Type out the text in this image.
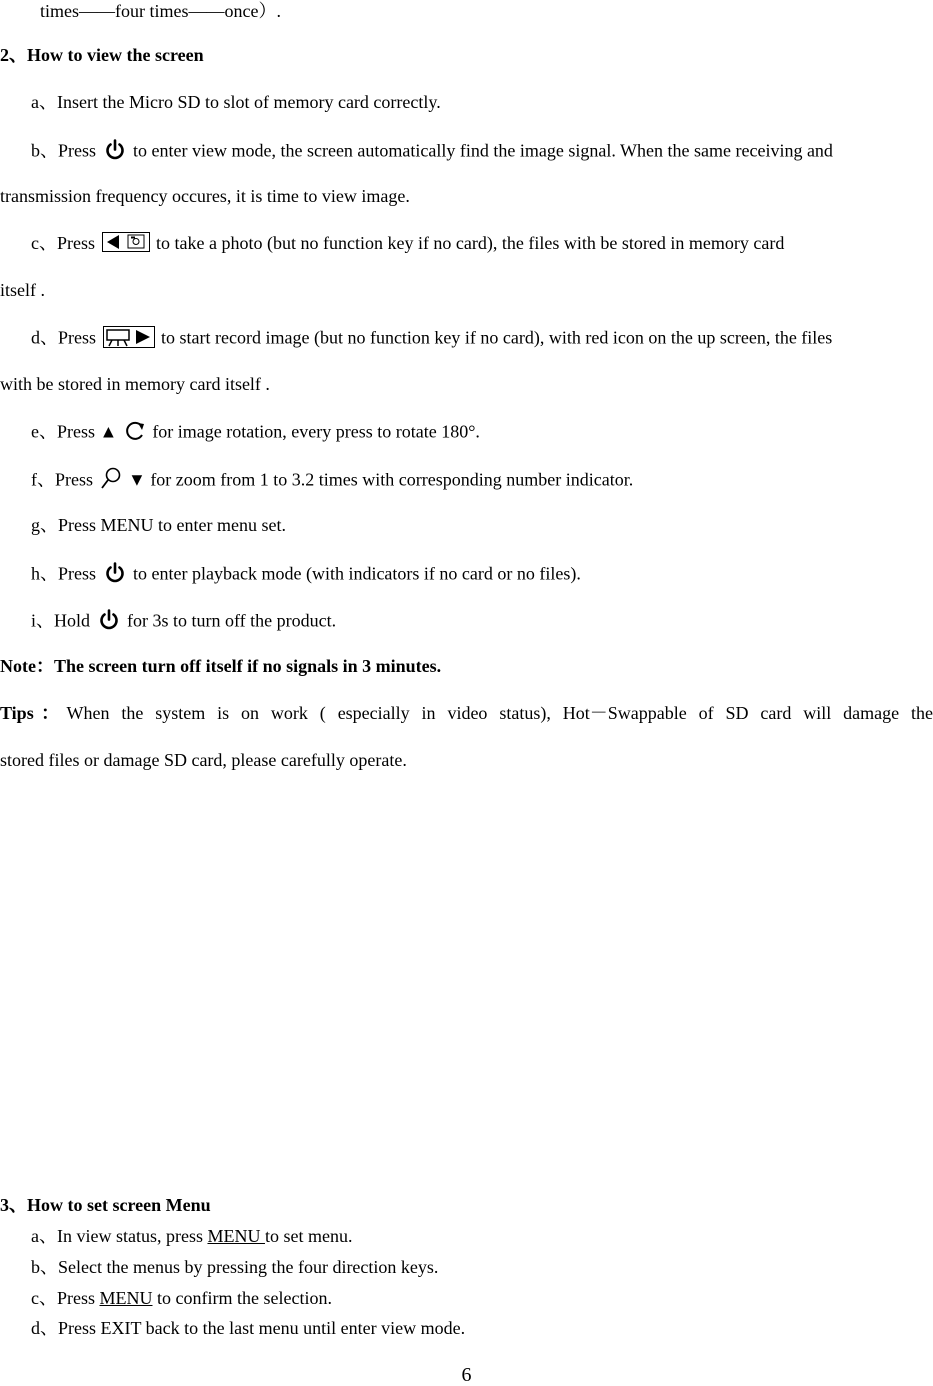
times——four times——once）.
2、How to view the screen
a、Insert the Micro SD to slot of memory card correctly.
b、Press to enter view mode, the screen automatically find the image signal. When the same receiving and
transmission frequency occures, it is time to view image.
c、Press	to take a photo (but no function key if no card), the files with be stored in memory card
itself .
d、Press	to start record image (but no function key if no card), with red icon on the up screen, the files
with be stored in memory card itself .
e、Press ▲ for image rotation, every press to rotate 180°.
f、Press ▼ for zoom from 1 to 3.2 times with corresponding number indicator.
g、Press MENU to enter menu set.
h、Press to enter playback mode (with indicators if no card or no files).
i、Hold for 3s to turn off the product.
Note：The screen turn off itself if no signals in 3 minutes.
Tips：When the system is on work ( especially in video status), Hot－Swappable of SD card will damage the
stored files or damage SD card, please carefully operate.
3、How to set screen Menu
a、In view status, press MENU to set menu.
b、Select the menus by pressing the four direction keys.
c、Press MENU to confirm the selection.
d、Press EXIT back to the last menu until enter view mode.
6
